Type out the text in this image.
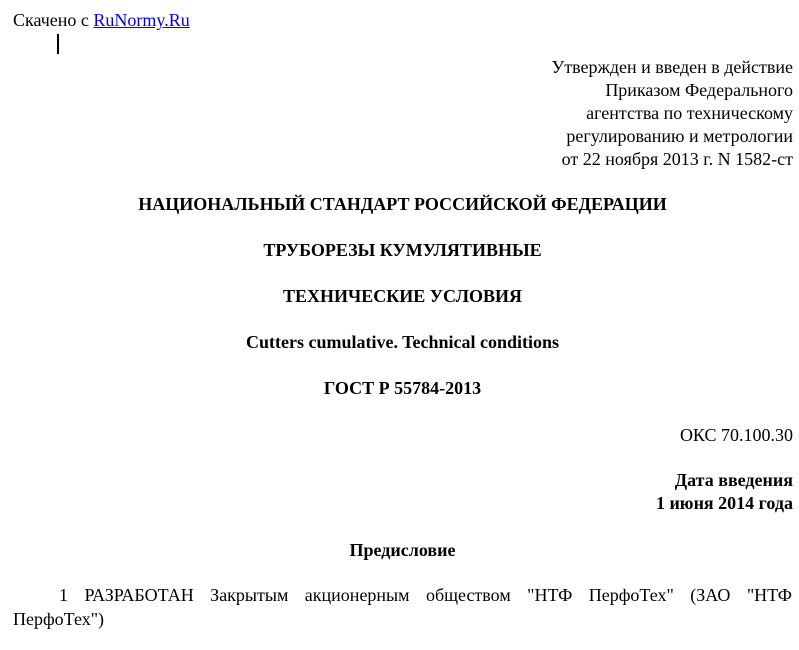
Скачено с RuNormy.Ru
Утвержден и введен в действие
Приказом Федерального
агентства по техническому
регулированию и метрологии
от 22 ноября 2013 г. N 1582-ст
НАЦИОНАЛЬНЫЙ СТАНДАРТ РОССИЙСКОЙ ФЕДЕРАЦИИ
ТРУБОРЕЗЫ КУМУЛЯТИВНЫЕ
ТЕХНИЧЕСКИЕ УСЛОВИЯ
Cutters cumulative. Technical conditions
ГОСТ Р 55784-2013
ОКС 70.100.30
Дата введения
1 июня 2014 года
Предисловие
1 РАЗРАБОТАН Закрытым акционерным обществом "НТФ ПерфоТех" (ЗАО "НТФ ПерфоТех")
